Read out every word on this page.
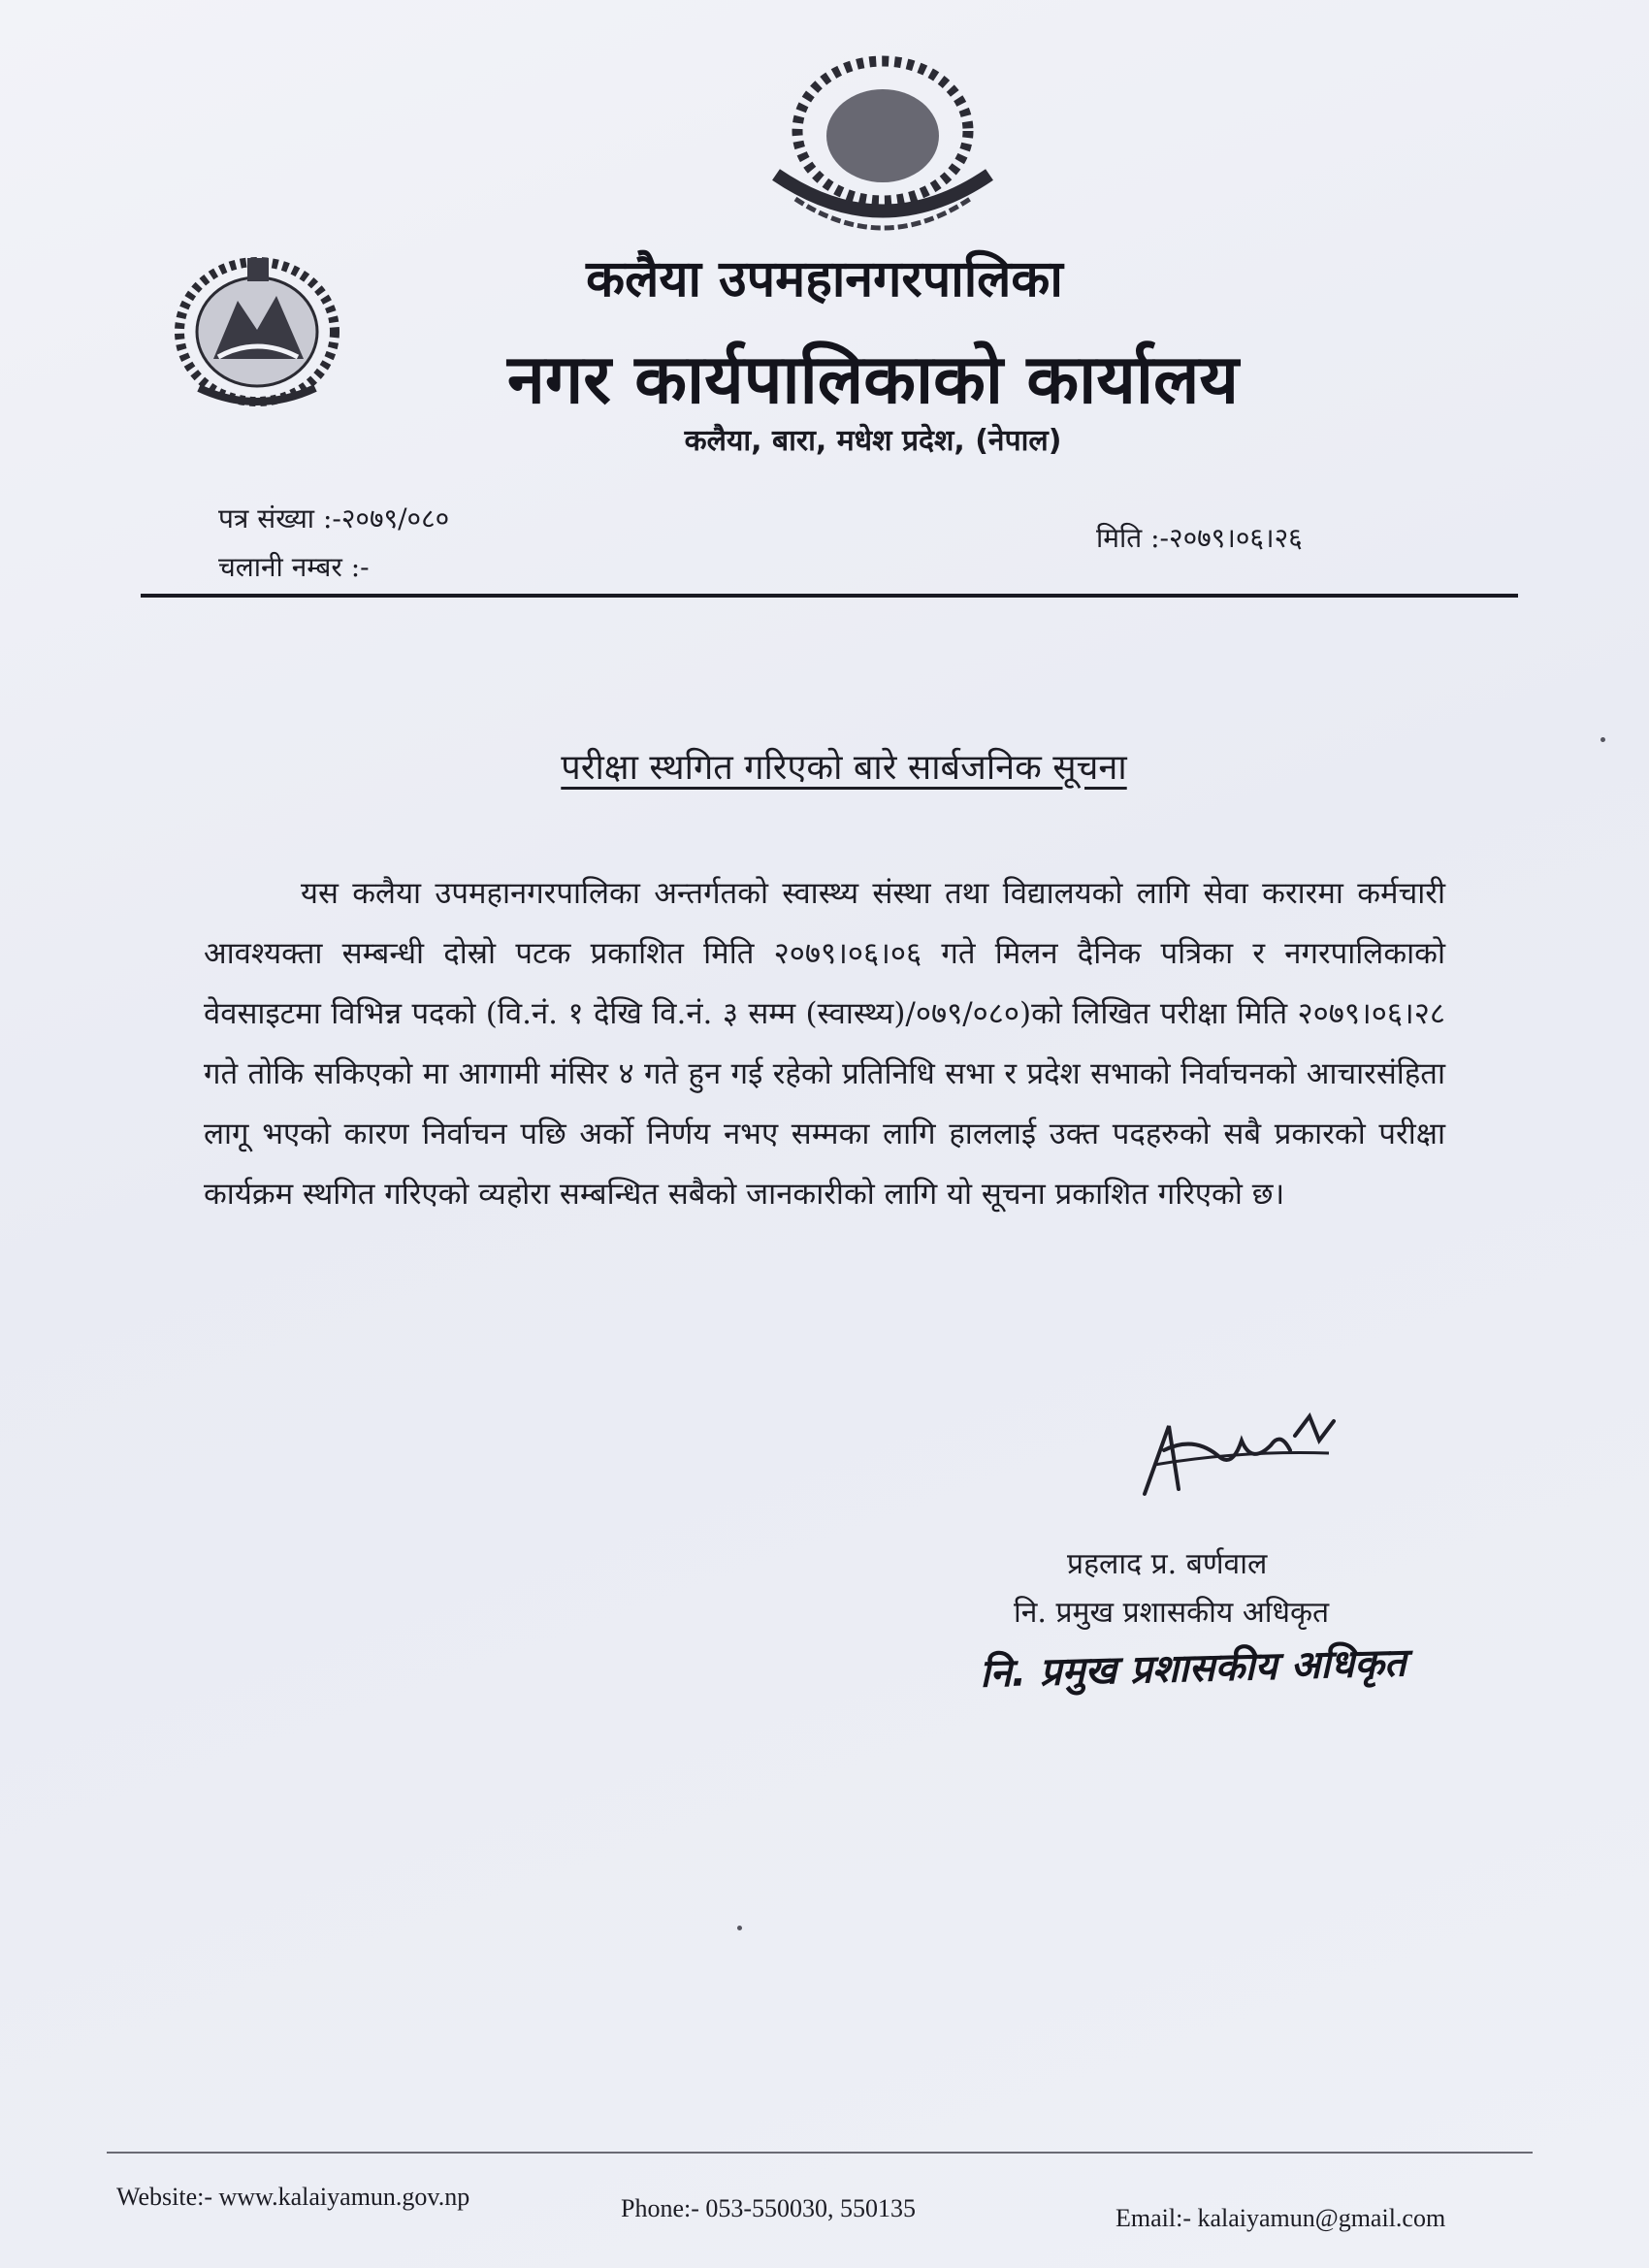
कलैया उपमहानगरपालिका
नगर कार्यपालिकाको कार्यालय
कलैया, बारा, मधेश प्रदेश, (नेपाल)
पत्र संख्या :-२०७९/०८०
चलानी नम्बर :-
मिति :-२०७९।०६।२६
परीक्षा स्थगित गरिएको बारे सार्बजनिक सूचना
यस कलैया उपमहानगरपालिका अन्तर्गतको स्वास्थ्य संस्था तथा विद्यालयको लागि सेवा करारमा कर्मचारी आवश्यक्ता सम्बन्धी दोस्रो पटक प्रकाशित मिति २०७९।०६।०६ गते मिलन दैनिक पत्रिका र नगरपालिकाको वेवसाइटमा विभिन्न पदको (वि.नं. १ देखि वि.नं. ३ सम्म (स्वास्थ्य)/०७९/०८०)को लिखित परीक्षा मिति २०७९।०६।२८ गते तोकि सकिएको मा आगामी मंसिर ४ गते हुन गई रहेको प्रतिनिधि सभा र प्रदेश सभाको निर्वाचनको आचारसंहिता लागू भएको कारण निर्वाचन पछि अर्को निर्णय नभए सम्मका लागि हाललाई उक्त पदहरुको सबै प्रकारको परीक्षा कार्यक्रम स्थगित गरिएको व्यहोरा सम्बन्धित सबैको जानकारीको लागि यो सूचना प्रकाशित गरिएको छ।
प्रहलाद प्र. बर्णवाल
नि. प्रमुख प्रशासकीय अधिकृत
नि. प्रमुख प्रशासकीय अधिकृत
Website:- www.kalaiyamun.gov.np	Phone:- 053-550030, 550135	Email:- kalaiyamun@gmail.com
